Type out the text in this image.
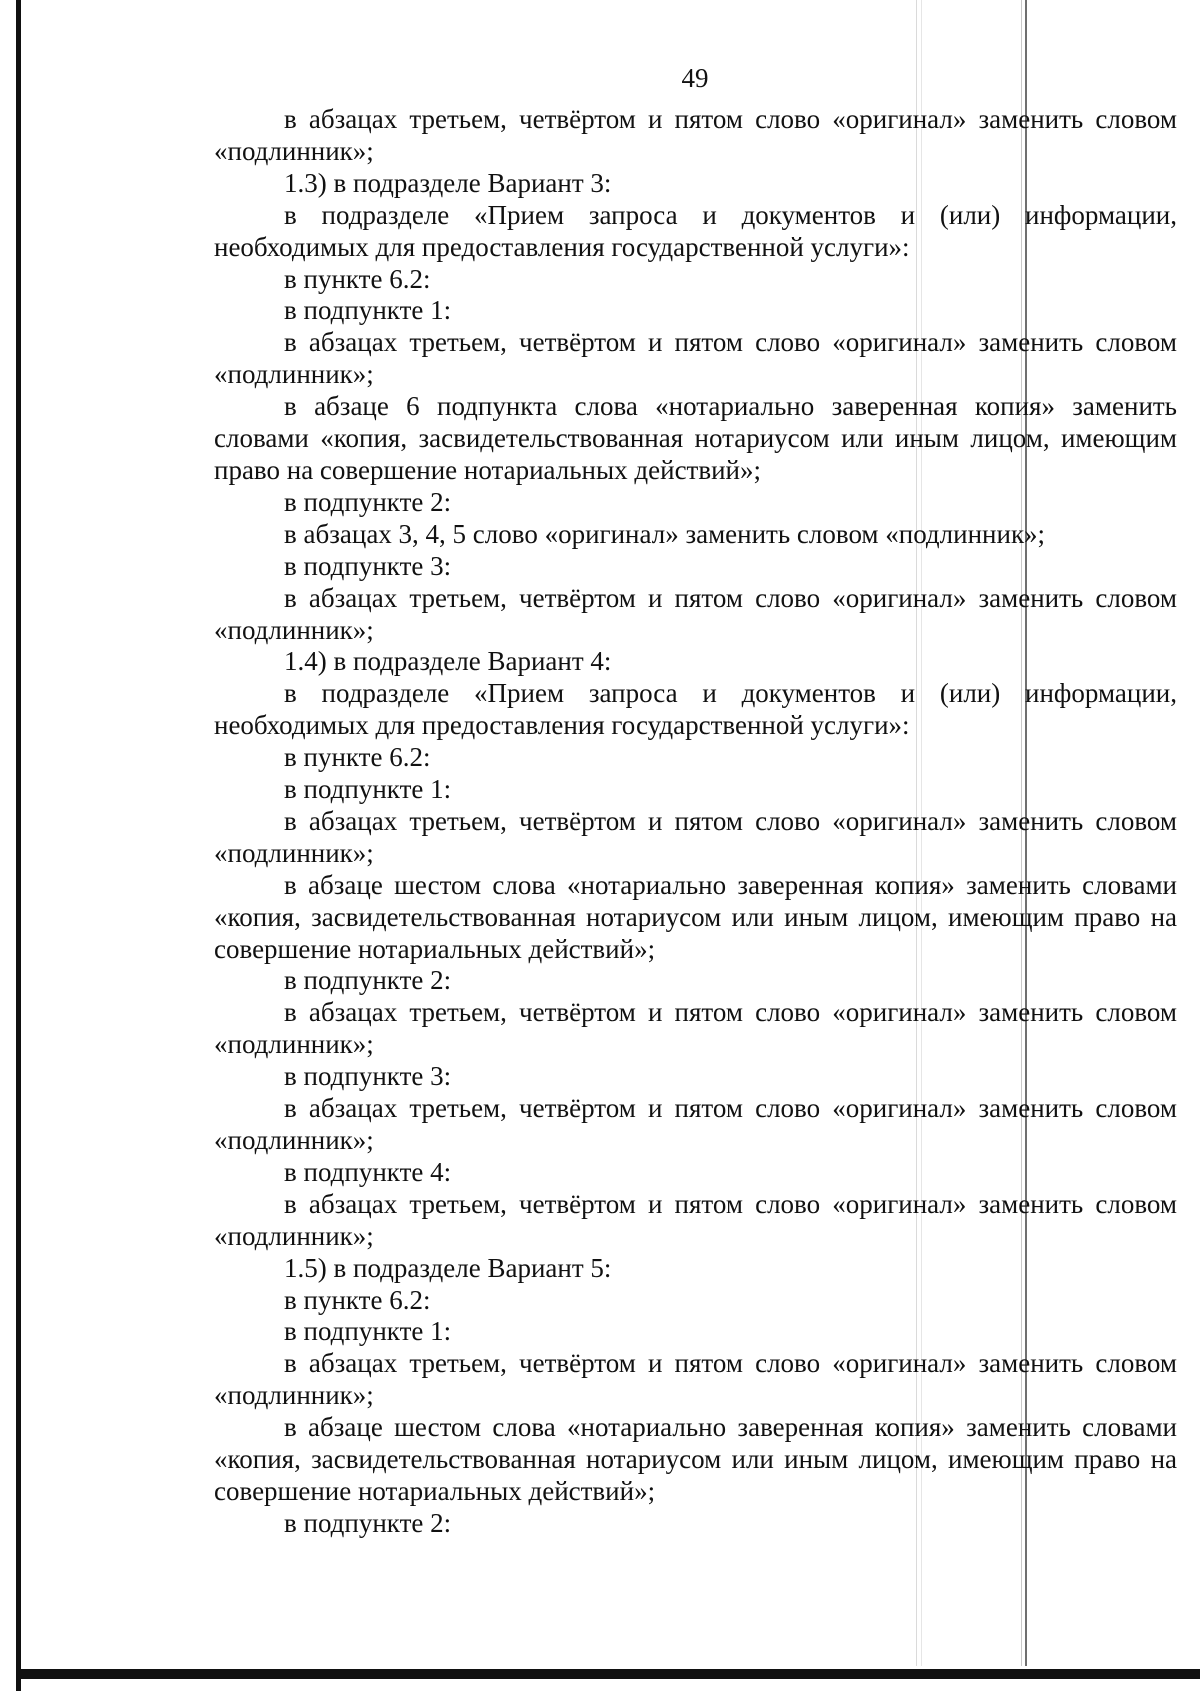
49

в абзацах третьем, четвёртом и пятом слово «оригинал» заменить словом «подлинник»;

1.3) в подразделе Вариант 3:

в подразделе «Прием запроса и документов и (или) информации, необходимых для предоставления государственной услуги»:

в пункте 6.2:

в подпункте 1:

в абзацах третьем, четвёртом и пятом слово «оригинал» заменить словом «подлинник»;

в абзаце 6 подпункта слова «нотариально заверенная копия» заменить словами «копия, засвидетельствованная нотариусом или иным лицом, имеющим право на совершение нотариальных действий»;

в подпункте 2:

в абзацах 3, 4, 5 слово «оригинал» заменить словом «подлинник»;

в подпункте 3:

в абзацах третьем, четвёртом и пятом слово «оригинал» заменить словом «подлинник»;

1.4) в подразделе Вариант 4:

в подразделе «Прием запроса и документов и (или) информации, необходимых для предоставления государственной услуги»:

в пункте 6.2:

в подпункте 1:

в абзацах третьем, четвёртом и пятом слово «оригинал» заменить словом «подлинник»;

в абзаце шестом слова «нотариально заверенная копия» заменить словами «копия, засвидетельствованная нотариусом или иным лицом, имеющим право на совершение нотариальных действий»;

в подпункте 2:

в абзацах третьем, четвёртом и пятом слово «оригинал» заменить словом «подлинник»;

в подпункте 3:

в абзацах третьем, четвёртом и пятом слово «оригинал» заменить словом «подлинник»;

в подпункте 4:

в абзацах третьем, четвёртом и пятом слово «оригинал» заменить словом «подлинник»;

1.5) в подразделе Вариант 5:

в пункте 6.2:

в подпункте 1:

в абзацах третьем, четвёртом и пятом слово «оригинал» заменить словом «подлинник»;

в абзаце шестом слова «нотариально заверенная копия» заменить словами «копия, засвидетельствованная нотариусом или иным лицом, имеющим право на совершение нотариальных действий»;

в подпункте 2:
